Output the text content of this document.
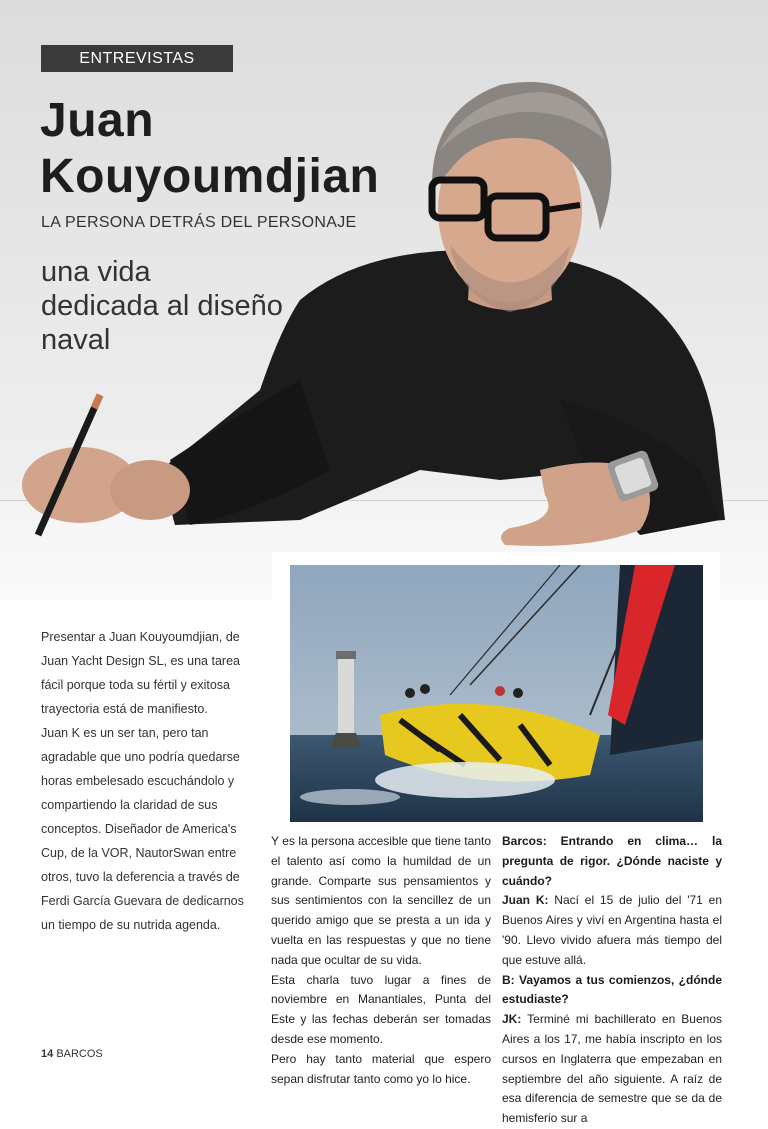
ENTREVISTAS
Juan
Kouyoumdjian
LA PERSONA DETRÁS DEL PERSONAJE
una vida
dedicada al diseño
naval

Presentar a Juan Kouyoumdjian, de Juan Yacht Design SL, es una tarea fácil porque toda su fértil y exitosa trayectoria está de manifiesto.

Juan K es un ser tan, pero tan agradable que uno podría quedarse horas embelesado escuchándolo y compartiendo la claridad de sus conceptos. Diseñador de America's Cup, de la VOR, NautorSwan entre otros, tuvo la deferencia a través de Ferdi García Guevara de dedicarnos un tiempo de su nutrida agenda.

Y es la persona accesible que tiene tanto el talento así como la humildad de un grande. Comparte sus pensamientos y sus sentimientos con la sencillez de un querido amigo que se presta a un ida y vuelta en las respuestas y que no tiene nada que ocultar de su vida.

Esta charla tuvo lugar a fines de noviembre en Manantiales, Punta del Este y las fechas deberán ser tomadas desde ese momento.

Pero hay tanto material que espero sepan disfrutar tanto como yo lo hice.

Barcos: Entrando en clima… la pregunta de rigor. ¿Dónde naciste y cuándo?

Juan K: Nací el 15 de julio del '71 en Buenos Aires y viví en Argentina hasta el '90. Llevo vivido afuera más tiempo del que estuve allá.

B: Vayamos a tus comienzos, ¿dónde estudiaste?

JK: Terminé mi bachillerato en Buenos Aires a los 17, me había inscripto en los cursos en Inglaterra que empezaban en septiembre del año siguiente. A raíz de esa diferencia de semestre que se da de hemisferio sur a

14 BARCOS
